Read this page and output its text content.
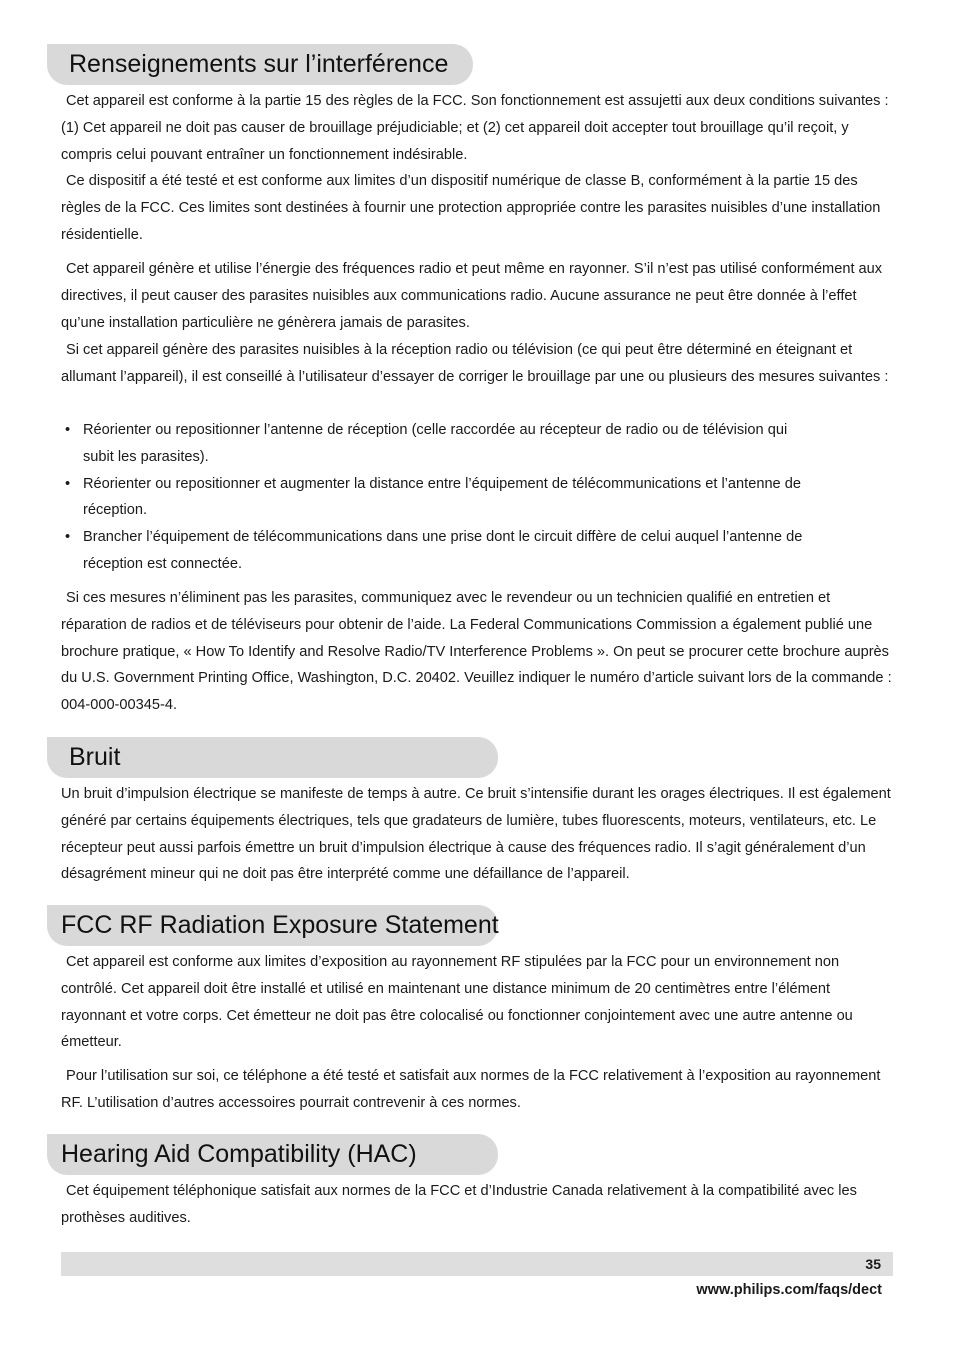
Renseignements sur l’interférence

Cet appareil est conforme à la partie 15 des règles de la FCC. Son fonctionnement est assujetti aux deux conditions suivantes : (1) Cet appareil ne doit pas causer de brouillage préjudiciable; et (2) cet appareil doit accepter tout brouillage qu’il reçoit, y compris celui pouvant entraîner un fonctionnement indésirable.

Ce dispositif a été testé et est conforme aux limites d’un dispositif numérique de classe B, conformément à la partie 15 des règles de la FCC. Ces limites sont destinées à fournir une protection appropriée contre les parasites nuisibles d’une installation résidentielle.

Cet appareil génère et utilise l’énergie des fréquences radio et peut même en rayonner. S’il n’est pas utilisé conformément aux directives, il peut causer des parasites nuisibles aux communications radio. Aucune assurance ne peut être donnée à l’effet qu’une installation particulière ne génèrera jamais de parasites.

Si cet appareil génère des parasites nuisibles à la réception radio ou télévision (ce qui peut être déterminé en éteignant et allumant l’appareil), il est conseillé à l’utilisateur d’essayer de corriger le brouillage par une ou plusieurs des mesures suivantes :

• Réorienter ou repositionner l’antenne de réception (celle raccordée au récepteur de radio ou de télévision qui subit les parasites).
• Réorienter ou repositionner et augmenter la distance entre l’équipement de télécommunications et l’antenne de réception.
• Brancher l’équipement de télécommunications dans une prise dont le circuit diffère de celui auquel l’antenne de réception est connectée.

Si ces mesures n’éliminent pas les parasites, communiquez avec le revendeur ou un technicien qualifié en entretien et réparation de radios et de téléviseurs pour obtenir de l’aide. La Federal Communications Commission a également publié une brochure pratique, « How To Identify and Resolve Radio/TV Interference Problems ». On peut se procurer cette brochure auprès du U.S. Government Printing Office, Washington, D.C. 20402. Veuillez indiquer le numéro d’article suivant lors de la commande : 004-000-00345-4.

Bruit

Un bruit d’impulsion électrique se manifeste de temps à autre. Ce bruit s’intensifie durant les orages électriques. Il est également généré par certains équipements électriques, tels que gradateurs de lumière, tubes fluorescents, moteurs, ventilateurs, etc. Le récepteur peut aussi parfois émettre un bruit d’impulsion électrique à cause des fréquences radio. Il s’agit généralement d’un désagrément mineur qui ne doit pas être interprété comme une défaillance de l’appareil.

FCC RF Radiation Exposure Statement

Cet appareil est conforme aux limites d’exposition au rayonnement RF stipulées par la FCC pour un environnement non contrôlé. Cet appareil doit être installé et utilisé en maintenant une distance minimum de 20 centimètres entre l’élément rayonnant et votre corps. Cet émetteur ne doit pas être colocalisé ou fonctionner conjointement avec une autre antenne ou émetteur.

Pour l’utilisation sur soi, ce téléphone a été testé et satisfait aux normes de la FCC relativement à l’exposition au rayonnement RF. L’utilisation d’autres accessoires pourrait contrevenir à ces normes.

Hearing Aid Compatibility (HAC)

Cet équipement téléphonique satisfait aux normes de la FCC et d’Industrie Canada relativement à la compatibilité avec les prothèses auditives.

35
www.philips.com/faqs/dect
